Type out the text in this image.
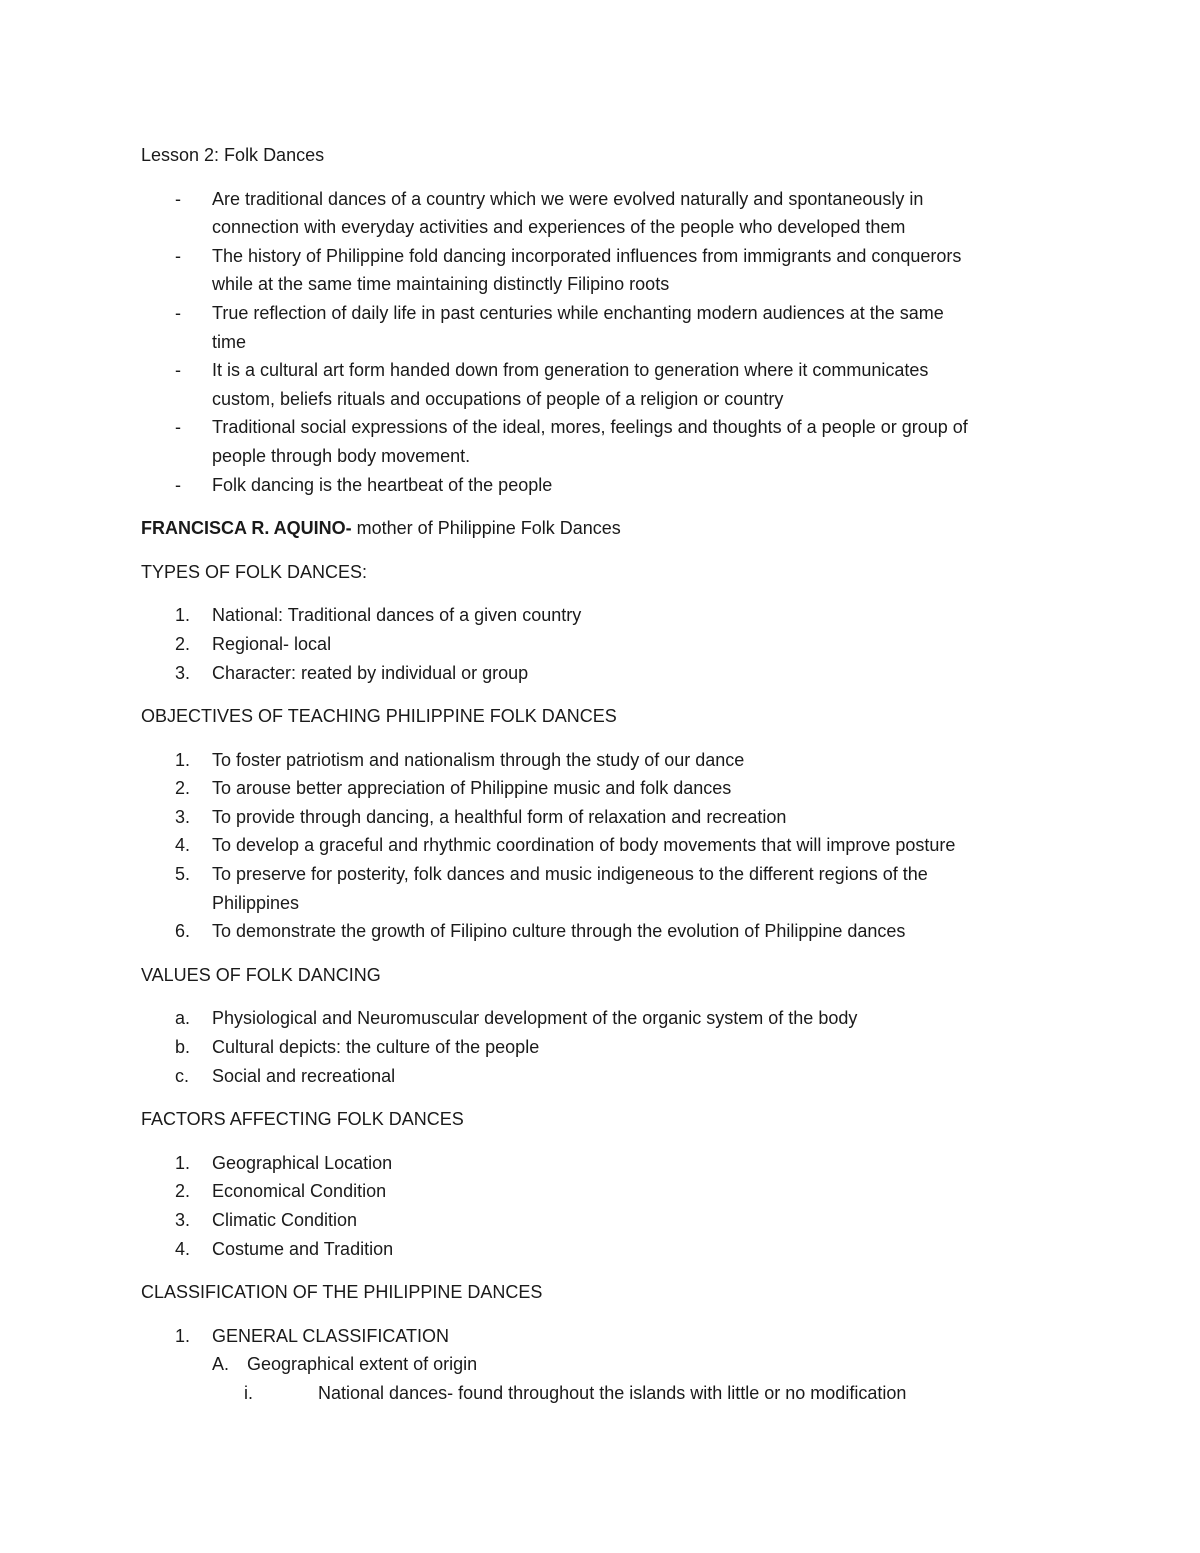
Lesson 2: Folk Dances
- Are traditional dances of a country which we were evolved naturally and spontaneously in
connection with everyday activities and experiences of the people who developed them
- The history of Philippine fold dancing incorporated influences from immigrants and conquerors
while at the same time maintaining distinctly Filipino roots
- True reflection of daily life in past centuries while enchanting modern audiences at the same
time
- It is a cultural art form handed down from generation to generation where it communicates
custom, beliefs rituals and occupations of people of a religion or country
- Traditional social expressions of the ideal, mores, feelings and thoughts of a people or group of
people through body movement.
- Folk dancing is the heartbeat of the people
FRANCISCA R. AQUINO- mother of Philippine Folk Dances
TYPES OF FOLK DANCES:
1. National: Traditional dances of a given country
2. Regional- local
3. Character: reated by individual or group
OBJECTIVES OF TEACHING PHILIPPINE FOLK DANCES
1. To foster patriotism and nationalism through the study of our dance
2. To arouse better appreciation of Philippine music and folk dances
3. To provide through dancing, a healthful form of relaxation and recreation
4. To develop a graceful and rhythmic coordination of body movements that will improve posture
5. To preserve for posterity, folk dances and music indigeneous to the different regions of the
Philippines
6. To demonstrate the growth of Filipino culture through the evolution of Philippine dances
VALUES OF FOLK DANCING
a. Physiological and Neuromuscular development of the organic system of the body
b. Cultural depicts: the culture of the people
c. Social and recreational
FACTORS AFFECTING FOLK DANCES
1. Geographical Location
2. Economical Condition
3. Climatic Condition
4. Costume and Tradition
CLASSIFICATION OF THE PHILIPPINE DANCES
1. GENERAL CLASSIFICATION
A. Geographical extent of origin
i.	National dances- found throughout the islands with little or no modification
